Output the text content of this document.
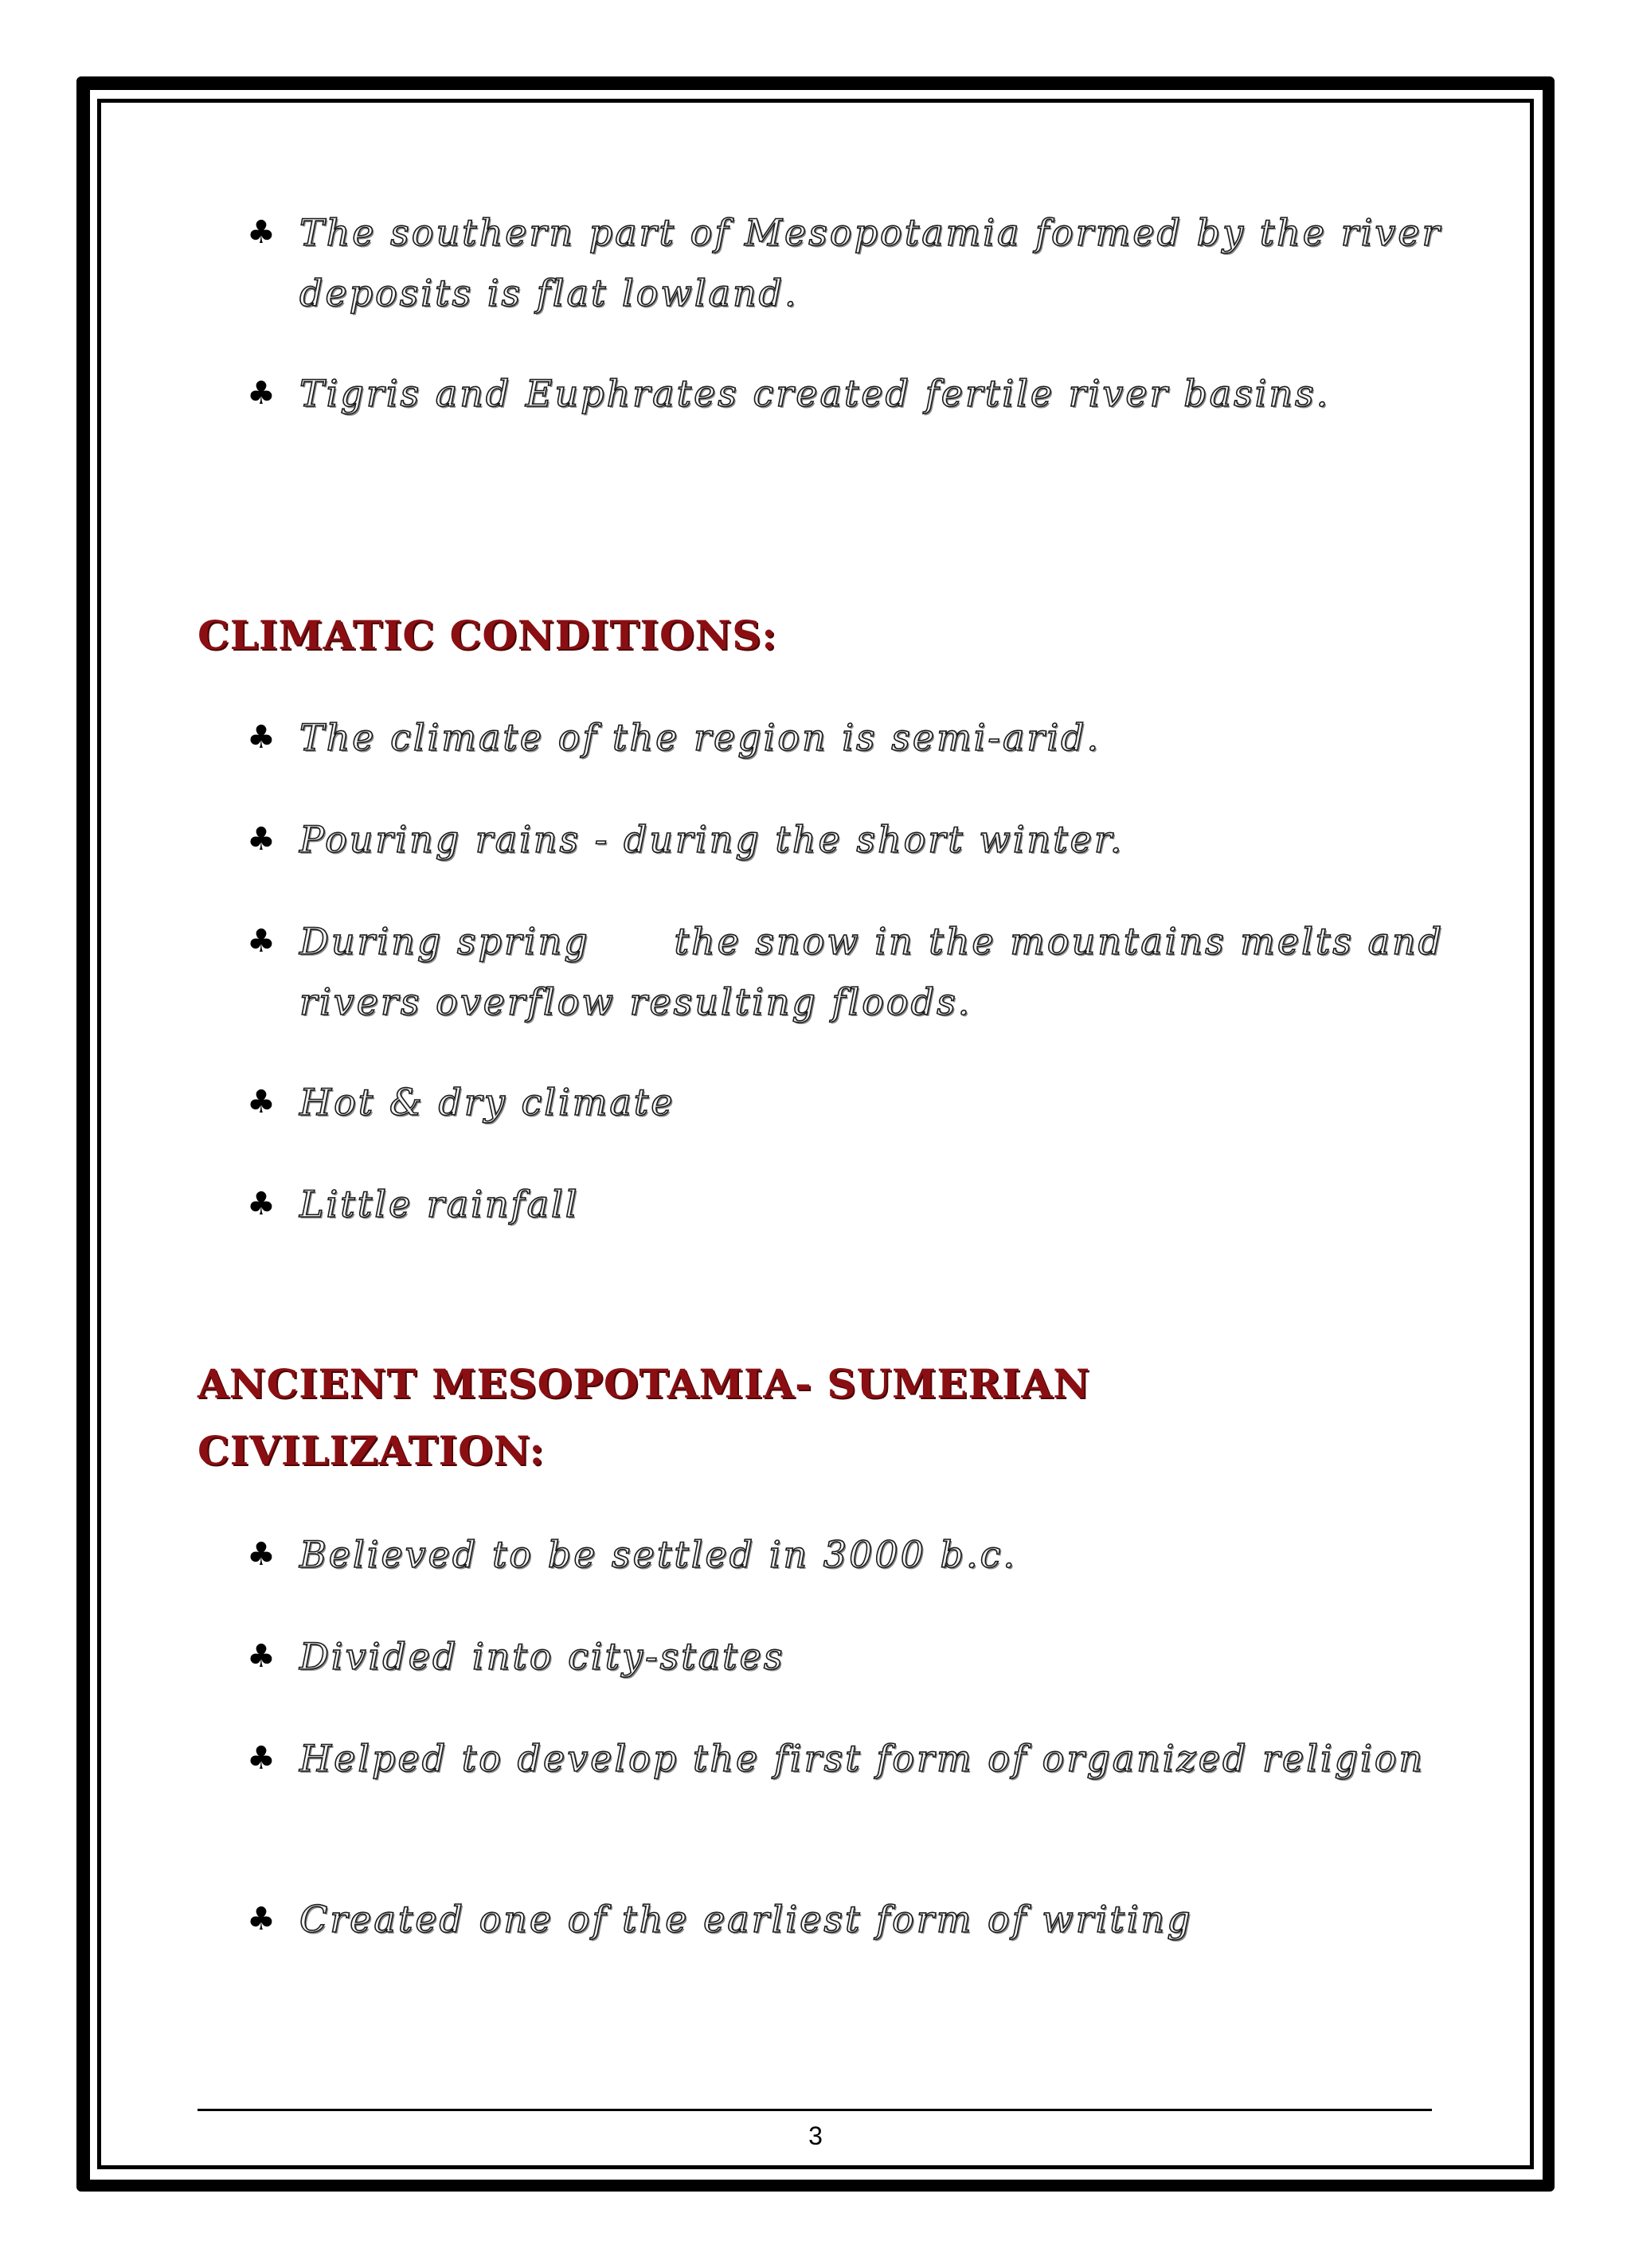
♣ The southern part of Mesopotamia formed by the river deposits is flat lowland.
♣ Tigris and Euphrates created fertile river basins.
CLIMATIC CONDITIONS:
♣ The climate of the region is semi-arid.
♣ Pouring rains - during the short winter.
♣ During spring      the snow in the mountains melts and rivers overflow resulting floods.
♣ Hot & dry climate
♣ Little rainfall
ANCIENT MESOPOTAMIA- SUMERIAN CIVILIZATION:
♣ Believed to be settled in 3000 b.c.
♣ Divided into city-states
♣ Helped to develop the first form of organized religion
♣ Created one of the earliest form of writing
3
